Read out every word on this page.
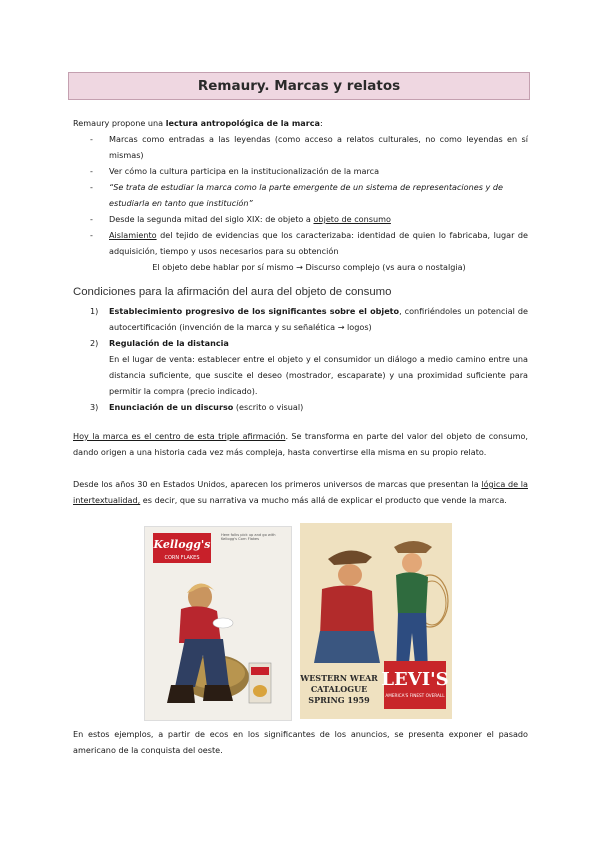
Remaury. Marcas y relatos

Remaury propone una lectura antropológica de la marca:

- Marcas como entradas a las leyendas (como acceso a relatos culturales, no como leyendas en sí mismas)
- Ver cómo la cultura participa en la institucionalización de la marca
- “Se trata de estudiar la marca como la parte emergente de un sistema de representaciones y de estudiarla en tanto que institución”
- Desde la segunda mitad del siglo XIX: de objeto a objeto de consumo
- Aislamiento del tejido de evidencias que los caracterizaba: identidad de quien lo fabricaba, lugar de adquisición, tiempo y usos necesarios para su obtención
El objeto debe hablar por sí mismo → Discurso complejo (vs aura o nostalgia)
Condiciones para la afirmación del aura del objeto de consumo
1) Establecimiento progresivo de los significantes sobre el objeto, confiriéndoles un potencial de autocertificación (invención de la marca y su señalética → logos)
2) Regulación de la distancia
En el lugar de venta: establecer entre el objeto y el consumidor un diálogo a medio camino entre una distancia suficiente, que suscite el deseo (mostrador, escaparate) y una proximidad suficiente para permitir la compra (precio indicado).
3) Enunciación de un discurso (escrito o visual)

Hoy la marca es el centro de esta triple afirmación. Se transforma en parte del valor del objeto de consumo, dando origen a una historia cada vez más compleja, hasta convertirse ella misma en su propio relato.

Desde los años 30 en Estados Unidos, aparecen los primeros universos de marcas que presentan la lógica de la intertextualidad, es decir, que su narrativa va mucho más allá de explicar el producto que vende la marca.

Kellogg's
CORN FLAKES
Here folks pick up and go with Kellogg's Corn Flakes
WESTERN WEAR
CATALOGUE
SPRING 1959
LEVI'S
AMERICA'S FINEST OVERALL

En estos ejemplos, a partir de ecos en los significantes de los anuncios, se presenta exponer el pasado americano de la conquista del oeste.
